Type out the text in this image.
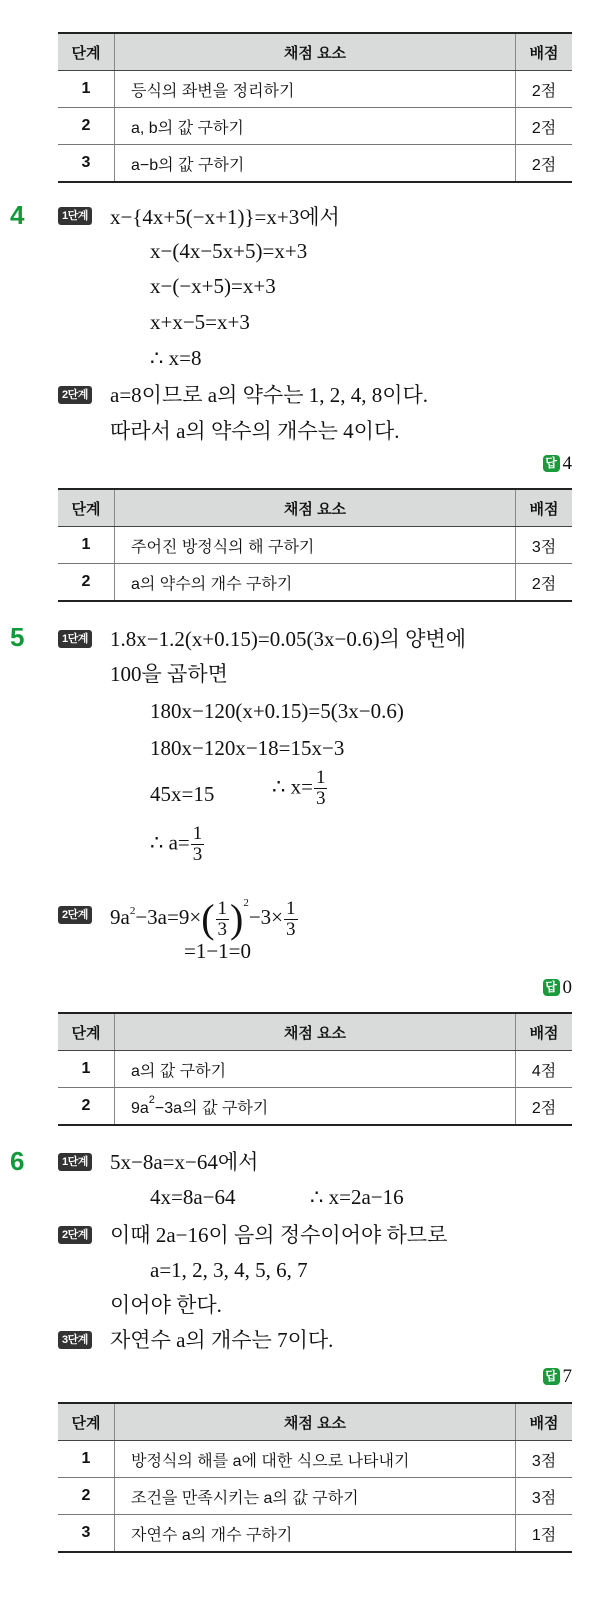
단계	채점 요소	배점
1	등식의 좌변을 정리하기	2점
2	a, b의 값 구하기	2점
3	a−b의 값 구하기	2점
4	1단계 x−{4x+5(−x+1)}=x+3에서
x−(4x−5x+5)=x+3
x−(−x+5)=x+3
x+x−5=x+3
∴ x=8
2단계 a=8이므로 a의 약수는 1, 2, 4, 8이다.
따라서 a의 약수의 개수는 4이다.
답 4
단계	채점 요소	배점
1	주어진 방정식의 해 구하기	3점
2	a의 약수의 개수 구하기	2점
5	1단계 1.8x−1.2(x+0.15)=0.05(3x−0.6)의 양변에
100을 곱하면
180x−120(x+0.15)=5(3x−0.6)
180x−120x−18=15x−3
45x=15	∴ $x= \frac{1}{3}$
∴ $a= \frac{1}{3}$
2단계 $9a^2-3a=9\times( \frac{1}{3} )^2-3\times \frac{1}{3}$
=1−1=0
답 0
단계	채점 요소	배점
1	a의 값 구하기	4점
2	$9a^2-3a$의 값 구하기	2점
6	1단계 5x−8a=x−64에서
4x=8a−64	∴ x=2a−16
2단계 이때 2a−16이 음의 정수이어야 하므로
a=1, 2, 3, 4, 5, 6, 7
이어야 한다.
3단계 자연수 a의 개수는 7이다.
답 7
단계	채점 요소	배점
1	방정식의 해를 a에 대한 식으로 나타내기	3점
2	조건을 만족시키는 a의 값 구하기	3점
3	자연수 a의 개수 구하기	1점
